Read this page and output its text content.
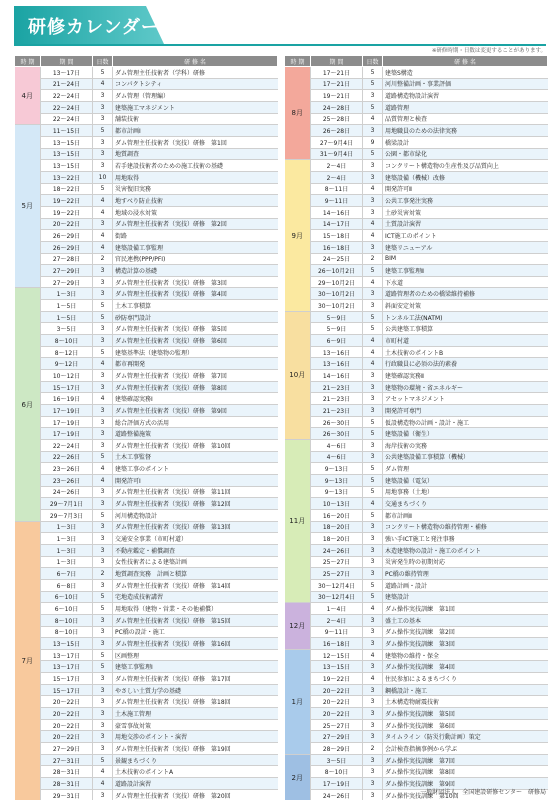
研修カレンダー
※研修時期・日数は変更することがあります。
時 期	期 間	日数	研 修 名
4月	13～17日	5	ダム管理主任技術者（学科）研修
	21～24日	4	コンパクトシティ
	22～24日	3	ダム管理（管理編）
	22～24日	3	建築施工マネジメント
	22～24日	3	舗装技術
5月	11～15日	5	都市計画Ⅰ
	13～15日	3	ダム管理主任技術者（実技）研修　第1回
	13～15日	3	地質調査
	13～15日	3	若手建設技術者のための施工技術の基礎
	13～22日	10	用地取得
	18～22日	5	災害復旧実務
	19～22日	4	地すべり防止技術
	19～22日	4	地域の浸水対策
	20～22日	3	ダム管理主任技術者（実技）研修　第2回
	26～29日	4	街路
	26～29日	4	建築設備工事監理
	27～28日	2	官民連携(PPP/PFI)
	27～29日	3	構造計算の基礎
	27～29日	3	ダム管理主任技術者（実技）研修　第3回
6月	1～3日	3	ダム管理主任技術者（実技）研修　第4回
	1～5日	5	土木工事積算
	1～5日	5	砂防専門設計
	3～5日	3	ダム管理主任技術者（実技）研修　第5回
	8～10日	3	ダム管理主任技術者（実技）研修　第6回
	8～12日	5	建築基準法（建築物の監理）
	9～12日	4	都市再開発
	10～12日	3	ダム管理主任技術者（実技）研修　第7回
	15～17日	3	ダム管理主任技術者（実技）研修　第8回
	16～19日	4	建築確認実務Ⅰ
	17～19日	3	ダム管理主任技術者（実技）研修　第9回
	17～19日	3	総合評価方式の活用
	17～19日	3	道路整備施策
	22～24日	3	ダム管理主任技術者（実技）研修　第10回
	22～26日	5	土木工事監督
	23～26日	4	建築工事のポイント
	23～26日	4	開発許可Ⅰ
	24～26日	3	ダム管理主任技術者（実技）研修　第11回
	29～7月1日	3	ダム管理主任技術者（実技）研修　第12回
	29～7月3日	5	河川構造物設計
7月	1～3日	3	ダム管理主任技術者（実技）研修　第13回
	1～3日	3	交通安全事業（市町村道）
	1～3日	3	不動産鑑定・補償調査
	1～3日	3	女性技術者による建築計画
	6～7日	2	地質調査実務　計画と積算
	6～8日	3	ダム管理主任技術者（実技）研修　第14回
	6～10日	5	宅地造成技術講習
	6～10日	5	用地取得（建物・営業・その他補償）
	8～10日	3	ダム管理主任技術者（実技）研修　第15回
	8～10日	3	PC橋の設計・施工
	13～15日	3	ダム管理主任技術者（実技）研修　第16回
	13～17日	5	区画整理
	13～17日	5	建築工事監理Ⅰ
	15～17日	3	ダム管理主任技術者（実技）研修　第17回
	15～17日	3	やさしい土質力学の基礎
	20～22日	3	ダム管理主任技術者（実技）研修　第18回
	20～22日	3	土木施工管理
	20～22日	3	豪雪事故対策
	20～22日	3	用地交渉のポイント・演習
	27～29日	3	ダム管理主任技術者（実技）研修　第19回
	27～31日	5	景観まちづくり
	28～31日	4	土木技術のポイントA
	28～31日	4	道路設計演習
	29～31日	3	ダム管理主任技術者（実技）研修　第20回
時 期	期 間	日数	研 修 名
8月	17～21日	5	建築S構造
	17～21日	5	河川整備計画・事業評価
	19～21日	3	道路構造物設計演習
	24～28日	5	道路管理
	25～28日	4	品質管理と検査
	26～28日	3	用地職員のための法律実務
	27～9月4日	9	橋梁設計
	31～9月4日	5	公園・都市緑化
9月	2～4日	3	コンクリート構造物の生産性及び品質向上
	2～4日	3	建築設備（機械）改修
	8～11日	4	開発許可Ⅱ
	9～11日	3	公共工事発注実務
	14～16日	3	土砂災害対策
	14～17日	4	土質設計演習
	15～18日	4	ICT施工のポイント
	16～18日	3	建築リニューアル
	24～25日	2	BIM
	26～10月2日	5	建築工事監理Ⅱ
	29～10月2日	4	下水道
	30～10月2日	3	道路管理者のための橋梁維持補修
	30～10月2日	3	斜面安定対策
10月	5～9日	5	トンネル工法(NATM)
	5～9日	5	公共建築工事積算
	6～9日	4	市町村道
	13～16日	4	土木技術のポイントB
	13～16日	4	行政職員に必須の法的素養
	14～16日	3	建築確認実務Ⅱ
	21～23日	3	建築物の環境・省エネルギー
	21～23日	3	アセットマネジメント
	21～23日	3	開発許可専門
	26～30日	5	仮設構造物の計画・設計・施工
	26～30日	5	建築設備（衛生）
11月	4～6日	3	海岸技術の実務
	4～6日	3	公共建築設備工事積算（機械）
	9～13日	5	ダム管理
	9～13日	5	建築設備（電気）
	9～13日	5	用地事務（土地）
	10～13日	4	交通まちづくり
	16～20日	5	都市計画Ⅱ
	18～20日	3	コンクリート構造物の維持管理・補修
	18～20日	3	強い手ICT施工と発注事務
	24～26日	3	木造建築物の設計・施工のポイント
	25～27日	3	災害発生時の初期対応
	25～27日	3	PC橋の維持管理
	30～12月4日	5	道路計画・設計
	30～12月4日	5	建築設計
12月	1～4日	4	ダム操作実技訓練　第1回
	2～4日	3	盛土工の基本
	9～11日	3	ダム操作実技訓練　第2回
	16～18日	3	ダム操作実技訓練　第3回
1月	12～15日	4	建築物の維持・保全
	13～15日	3	ダム操作実技訓練　第4回
	19～22日	4	住民参加によるまちづくり
	20～22日	3	鋼橋設計・施工
	20～22日	3	土木構造物耐震技術
	20～22日	3	ダム操作実技訓練　第5回
	25～27日	3	ダム操作実技訓練　第6回
	27～29日	3	タイムライン（防災行動計画）策定
	28～29日	2	会計検査指摘事例から学ぶ
2月	3～5日	3	ダム操作実技訓練　第7回
	8～10日	3	ダム操作実技訓練　第8回
	17～19日	3	ダム操作実技訓練　第9回
	24～26日	3	ダム操作実技訓練　第10回
一般財団法人　全国建設研修センター　研修局
